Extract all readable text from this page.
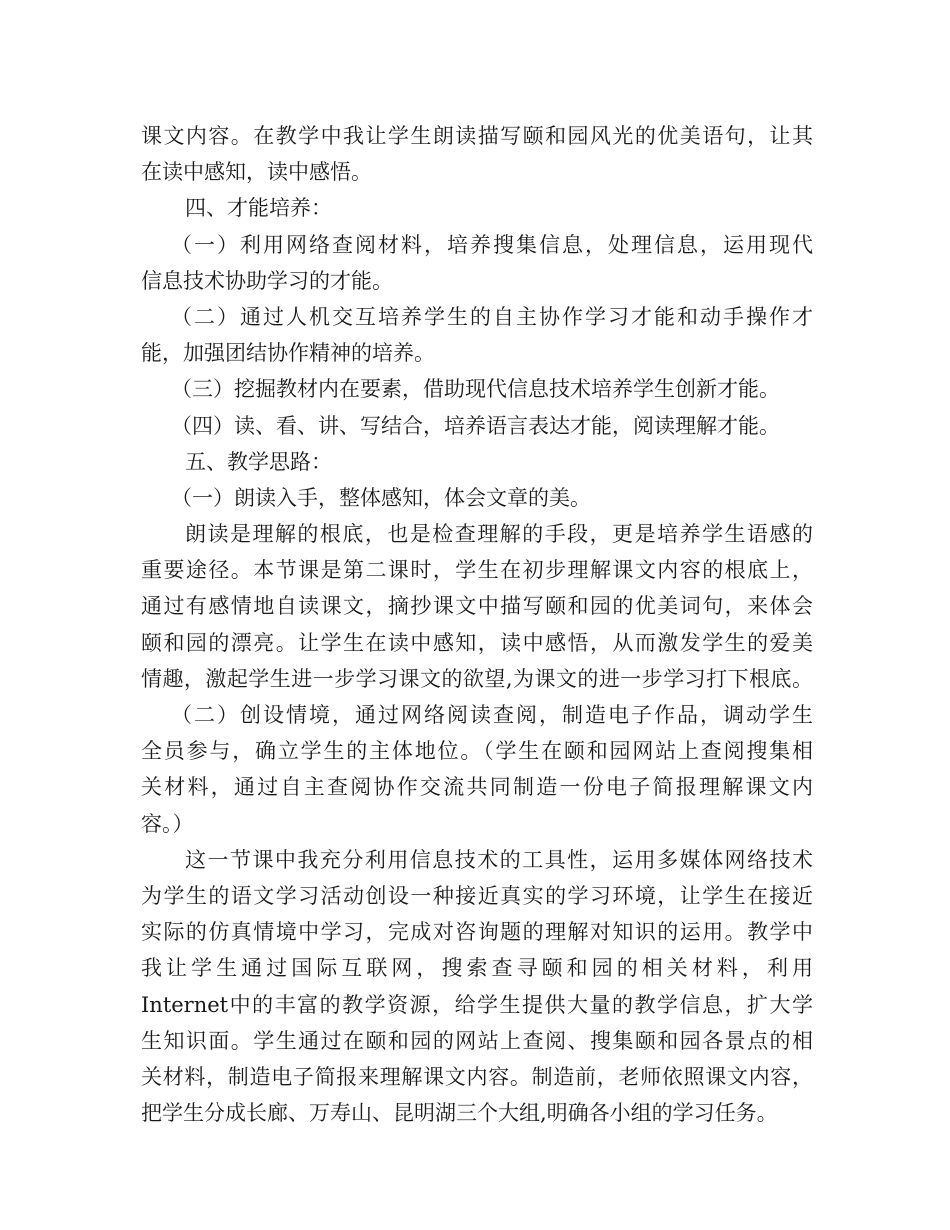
课文内容。在教学中我让学生朗读描写颐和园风光的优美语句，让其
在读中感知，读中感悟。
四、才能培养：
（一）利用网络查阅材料，培养搜集信息，处理信息，运用现代
信息技术协助学习的才能。
（二）通过人机交互培养学生的自主协作学习才能和动手操作才
能，加强团结协作精神的培养。
（三）挖掘教材内在要素，借助现代信息技术培养学生创新才能。
（四）读、看、讲、写结合，培养语言表达才能，阅读理解才能。
五、教学思路：
（一）朗读入手，整体感知，体会文章的美。
朗读是理解的根底，也是检查理解的手段，更是培养学生语感的
重要途径。本节课是第二课时，学生在初步理解课文内容的根底上，
通过有感情地自读课文，摘抄课文中描写颐和园的优美词句，来体会
颐和园的漂亮。让学生在读中感知，读中感悟，从而激发学生的爱美
情趣，激起学生进一步学习课文的欲望,为课文的进一步学习打下根底。
（二）创设情境，通过网络阅读查阅，制造电子作品，调动学生
全员参与，确立学生的主体地位。（学生在颐和园网站上查阅搜集相
关材料，通过自主查阅协作交流共同制造一份电子简报理解课文内
容。）
这一节课中我充分利用信息技术的工具性，运用多媒体网络技术
为学生的语文学习活动创设一种接近真实的学习环境，让学生在接近
实际的仿真情境中学习，完成对咨询题的理解对知识的运用。教学中
我让学生通过国际互联网，搜索查寻颐和园的相关材料，利用
Internet中的丰富的教学资源，给学生提供大量的教学信息，扩大学
生知识面。学生通过在颐和园的网站上查阅、搜集颐和园各景点的相
关材料，制造电子简报来理解课文内容。制造前，老师依照课文内容，
把学生分成长廊、万寿山、昆明湖三个大组,明确各小组的学习任务。
